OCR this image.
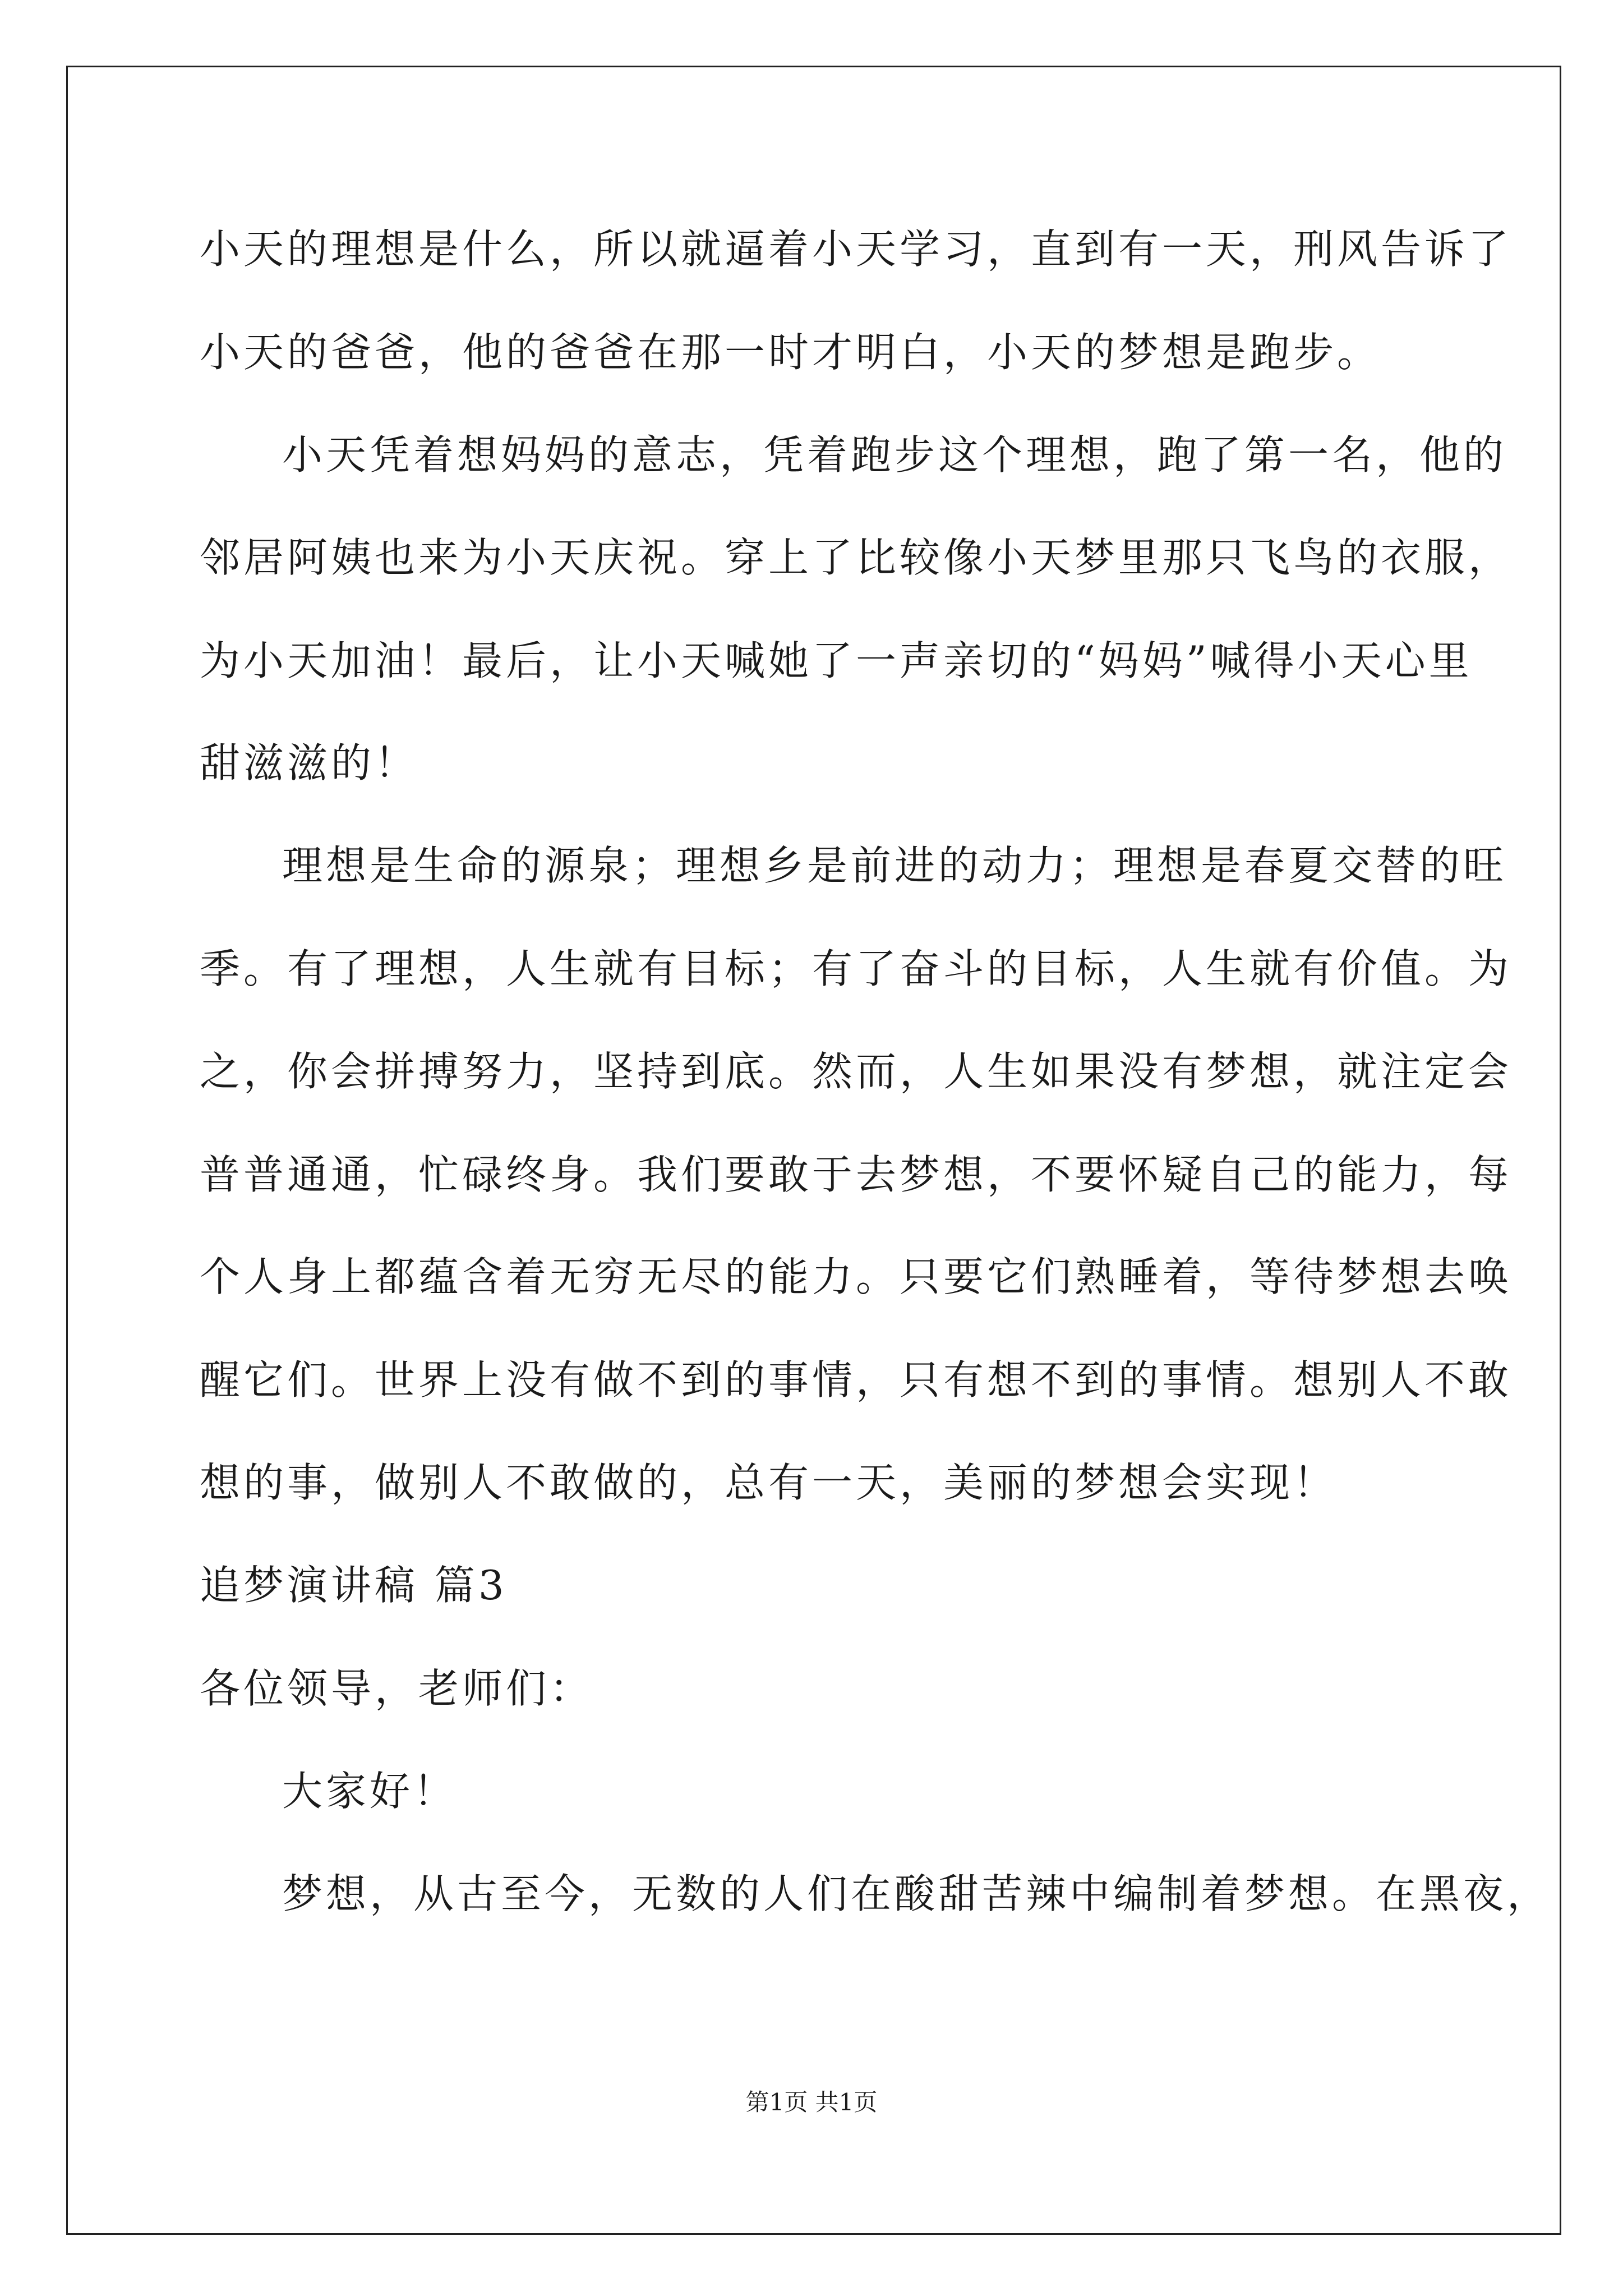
小天的理想是什么，所以就逼着小天学习，直到有一天，刑风告诉了
小天的爸爸，他的爸爸在那一时才明白，小天的梦想是跑步。
小天凭着想妈妈的意志，凭着跑步这个理想，跑了第一名，他的
邻居阿姨也来为小天庆祝。穿上了比较像小天梦里那只飞鸟的衣服，
为小天加油！最后，让小天喊她了一声亲切的“妈妈”喊得小天心里
甜滋滋的！
理想是生命的源泉；理想乡是前进的动力；理想是春夏交替的旺
季。有了理想，人生就有目标；有了奋斗的目标，人生就有价值。为
之，你会拼搏努力，坚持到底。然而，人生如果没有梦想，就注定会
普普通通，忙碌终身。我们要敢于去梦想，不要怀疑自己的能力，每
个人身上都蕴含着无穷无尽的能力。只要它们熟睡着，等待梦想去唤
醒它们。世界上没有做不到的事情，只有想不到的事情。想别人不敢
想的事，做别人不敢做的，总有一天，美丽的梦想会实现！
追梦演讲稿 篇3
各位领导，老师们：
大家好！
梦想，从古至今，无数的人们在酸甜苦辣中编制着梦想。在黑夜，
第1页 共1页
